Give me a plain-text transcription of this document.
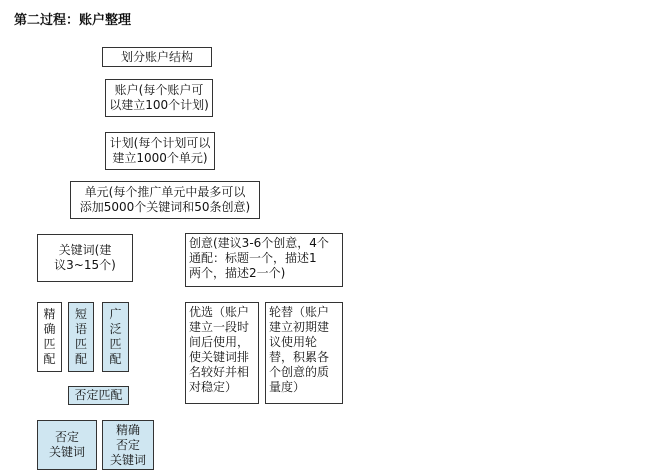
第二过程：账户整理
划分账户结构
账户(每个账户可
以建立100个计划)
计划(每个计划可以
建立1000个单元)
单元(每个推广单元中最多可以
添加5000个关键词和50条创意)
关键词(建
议3~15个)
创意(建议3-6个创意，4个
通配：标题一个，描述1
两个，描述2一个)
精
确
匹
配
短
语
匹
配
广
泛
匹
配
否定匹配
否定
关键词
精确
否定
关键词
优选（账户
建立一段时
间后使用，
使关键词排
名较好并相
对稳定）
轮替（账户
建立初期建
议使用轮
替，积累各
个创意的质
量度）
